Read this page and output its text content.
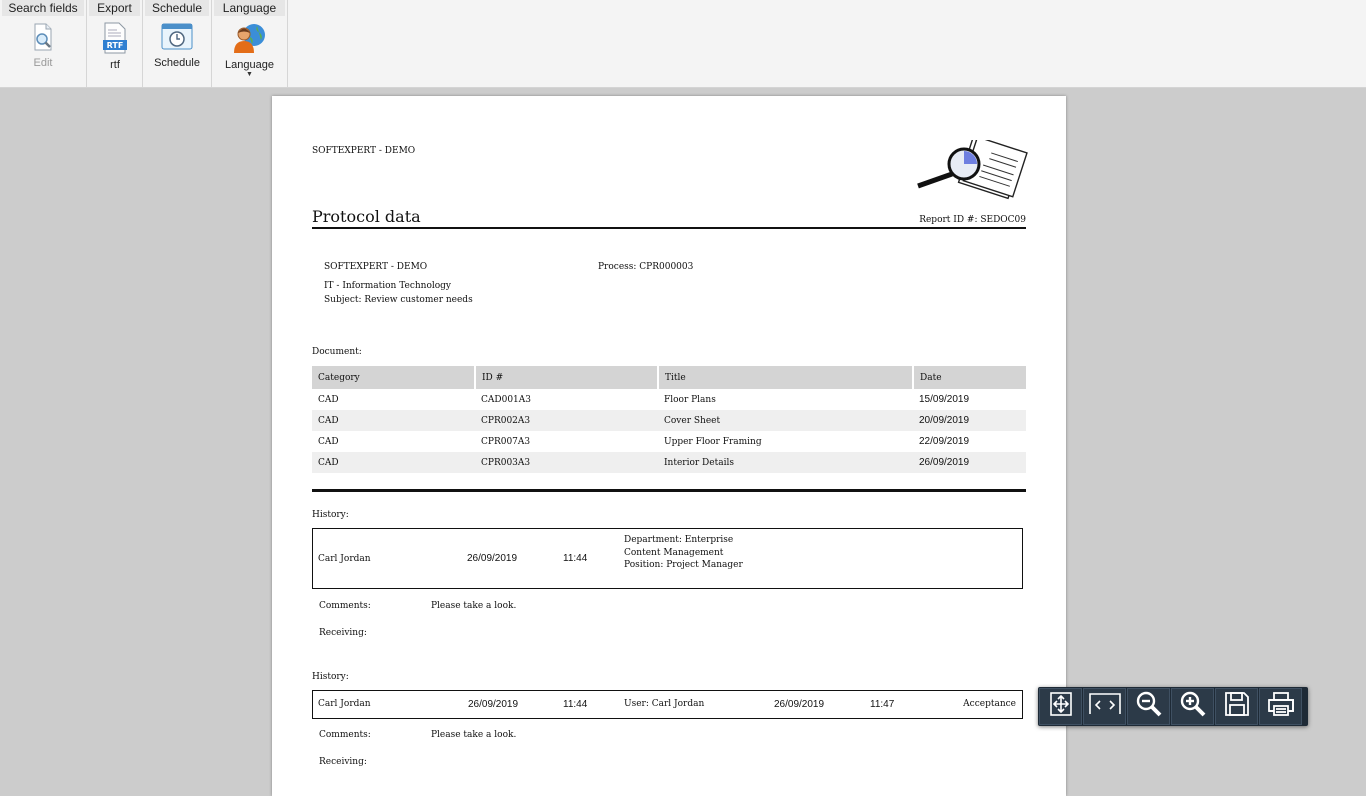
Search fields
Edit
Export
RTF
rtf
Schedule
Schedule
Language
Language
▼
SOFTEXPERT - DEMO
Protocol data	Report ID #: SEDOC09
SOFTEXPERT - DEMO	Process: CPR000003
IT - Information Technology
Subject: Review customer needs
Document:
Category	ID #	Title	Date
CAD	CAD001A3	Floor Plans	15/09/2019
CAD	CPR002A3	Cover Sheet	20/09/2019
CAD	CPR007A3	Upper Floor Framing	22/09/2019
CAD	CPR003A3	Interior Details	26/09/2019
History:
Carl Jordan	26/09/2019	11:44
Department: Enterprise
Content Management
Position: Project Manager
Comments:	Please take a look.
Receiving:
History:
Carl Jordan	26/09/2019	11:44	User: Carl Jordan	26/09/2019	11:47	Acceptance
Comments:	Please take a look.
Receiving:
